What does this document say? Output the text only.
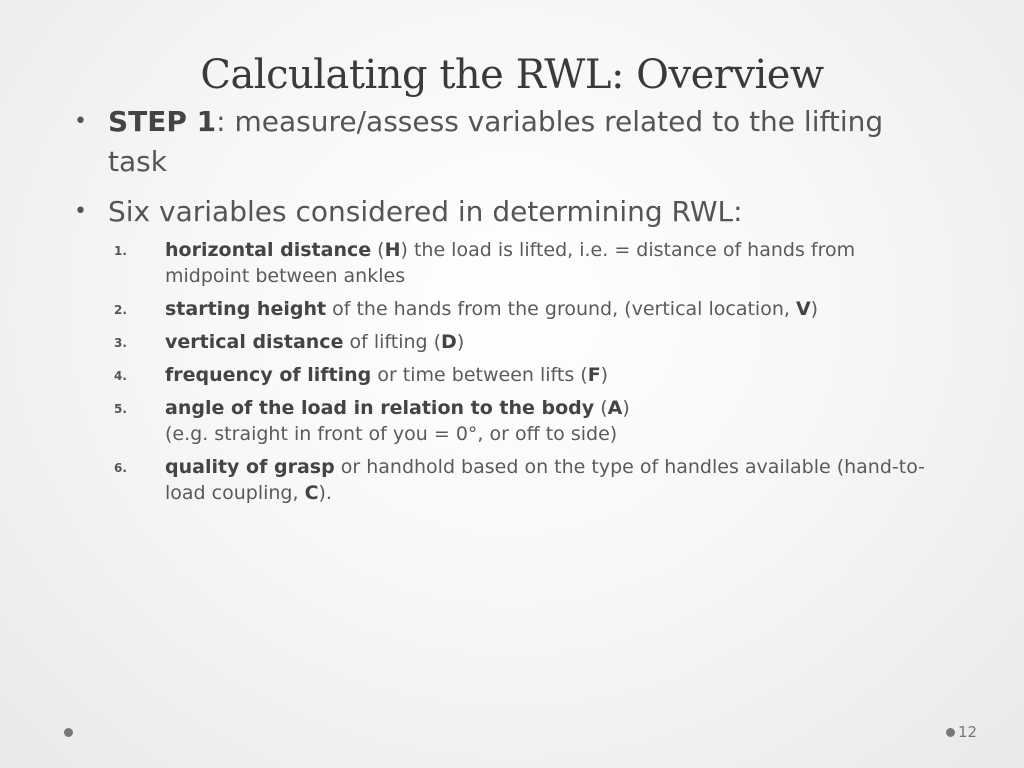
Calculating the RWL: Overview
• STEP 1: measure/assess variables related to the lifting task
• Six variables considered in determining RWL:
1. horizontal distance (H) the load is lifted, i.e. = distance of hands from midpoint between ankles
2. starting height of the hands from the ground, (vertical location, V)
3. vertical distance of lifting (D)
4. frequency of lifting or time between lifts (F)
5. angle of the load in relation to the body (A)
(e.g. straight in front of you = 0°, or off to side)
6. quality of grasp or handhold based on the type of handles available (hand-to-load coupling, C).
12
